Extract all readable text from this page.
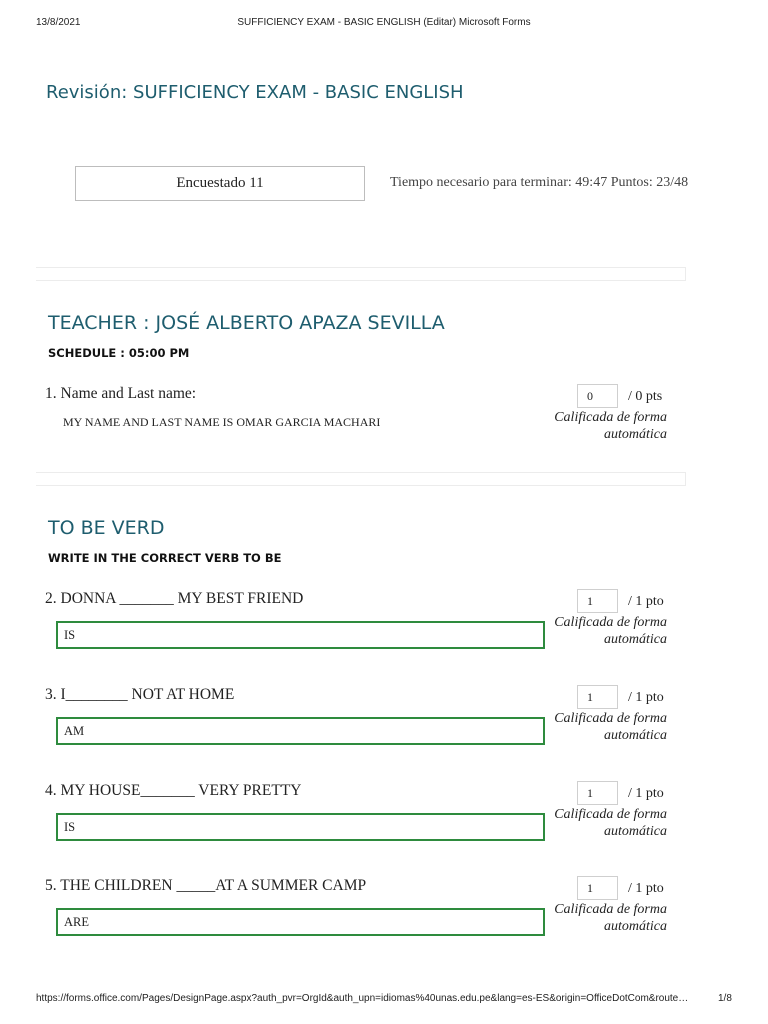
13/8/2021	SUFFICIENCY EXAM - BASIC ENGLISH (Editar) Microsoft Forms
Revisión: SUFFICIENCY EXAM - BASIC ENGLISH
Encuestado 11	Tiempo necesario para terminar: 49:47 Puntos: 23/48
TEACHER : JOSÉ ALBERTO APAZA SEVILLA
SCHEDULE : 05:00 PM
1. Name and Last name:
MY NAME AND LAST NAME IS OMAR GARCIA MACHARI
0	/ 0 pts
Calificada de forma
automática
TO BE VERD
WRITE IN THE CORRECT VERB TO BE
2. DONNA _______ MY BEST FRIEND
IS
1	/ 1 pto
Calificada de forma
automática
3. I________ NOT AT HOME
AM
1	/ 1 pto
Calificada de forma
automática
4. MY HOUSE_______ VERY PRETTY
IS
1	/ 1 pto
Calificada de forma
automática
5. THE CHILDREN _____AT A SUMMER CAMP
ARE
1	/ 1 pto
Calificada de forma
automática
https://forms.office.com/Pages/DesignPage.aspx?auth_pvr=OrgId&auth_upn=idiomas%40unas.edu.pe&lang=es-ES&origin=OfficeDotCom&route…	1/8
